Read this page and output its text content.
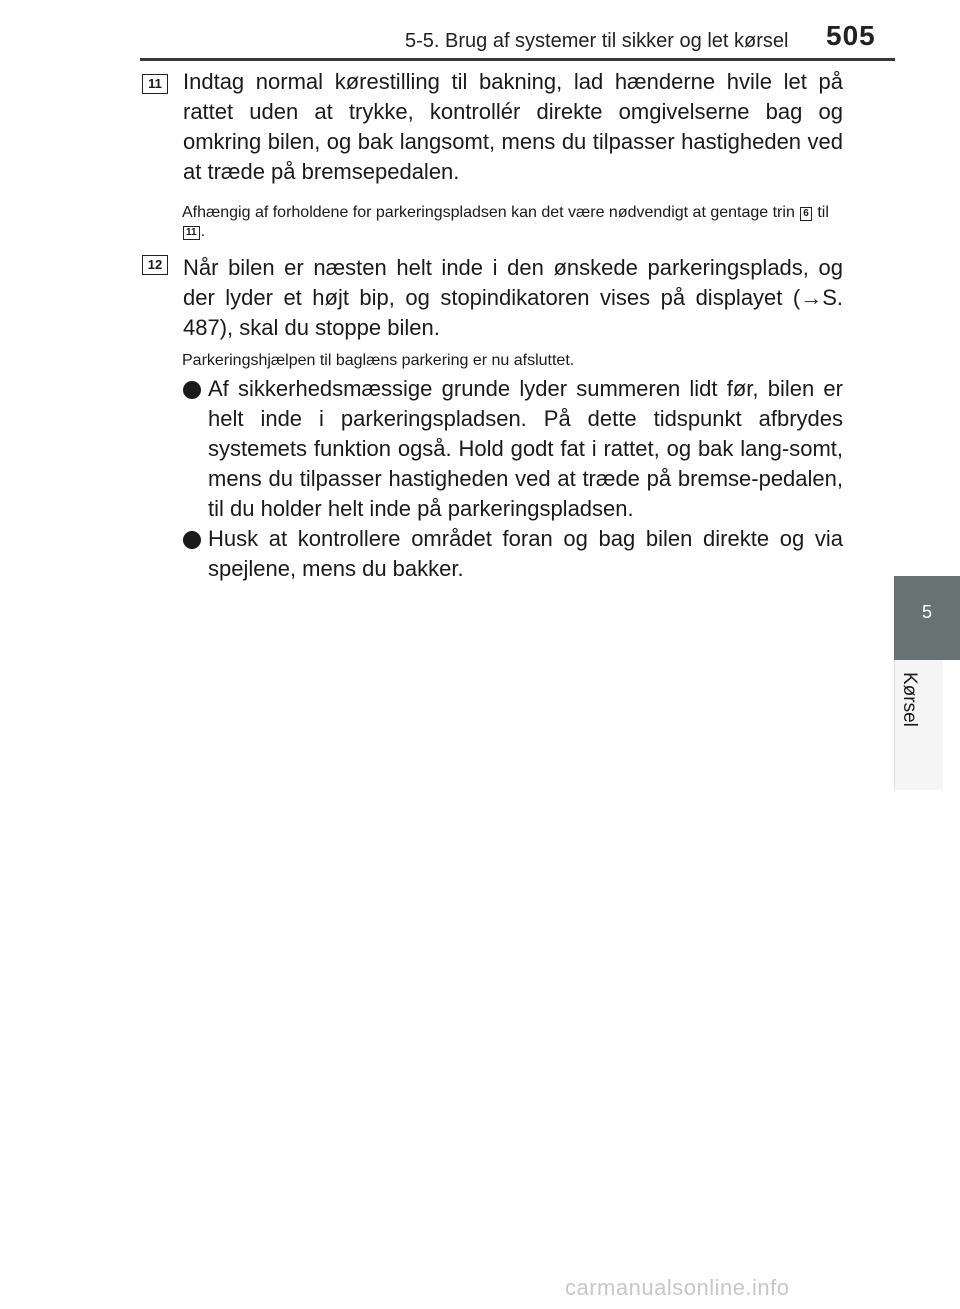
5-5. Brug af systemer til sikker og let kørsel 505
5
Kørsel
11 Indtag normal kørestilling til bakning, lad hænderne hvile let på rattet uden at trykke, kontrollér direkte omgivelserne bag og omkring bilen, og bak langsomt, mens du tilpasser hastigheden ved at træde på bremsepedalen.
Afhængig af forholdene for parkeringspladsen kan det være nødvendigt at gentage trin 6 til 11 .
12 Når bilen er næsten helt inde i den ønskede parkeringsplads, og der lyder et højt bip, og stopindikatoren vises på displayet (→S. 487), skal du stoppe bilen.
Parkeringshjælpen til baglæns parkering er nu afsluttet.
Af sikkerhedsmæssige grunde lyder summeren lidt før, bilen er helt inde i parkeringspladsen. På dette tidspunkt afbrydes systemets funktion også. Hold godt fat i rattet, og bak lang-somt, mens du tilpasser hastigheden ved at træde på bremse-pedalen, til du holder helt inde på parkeringspladsen.
Husk at kontrollere området foran og bag bilen direkte og via spejlene, mens du bakker.
carmanualsonline.info
